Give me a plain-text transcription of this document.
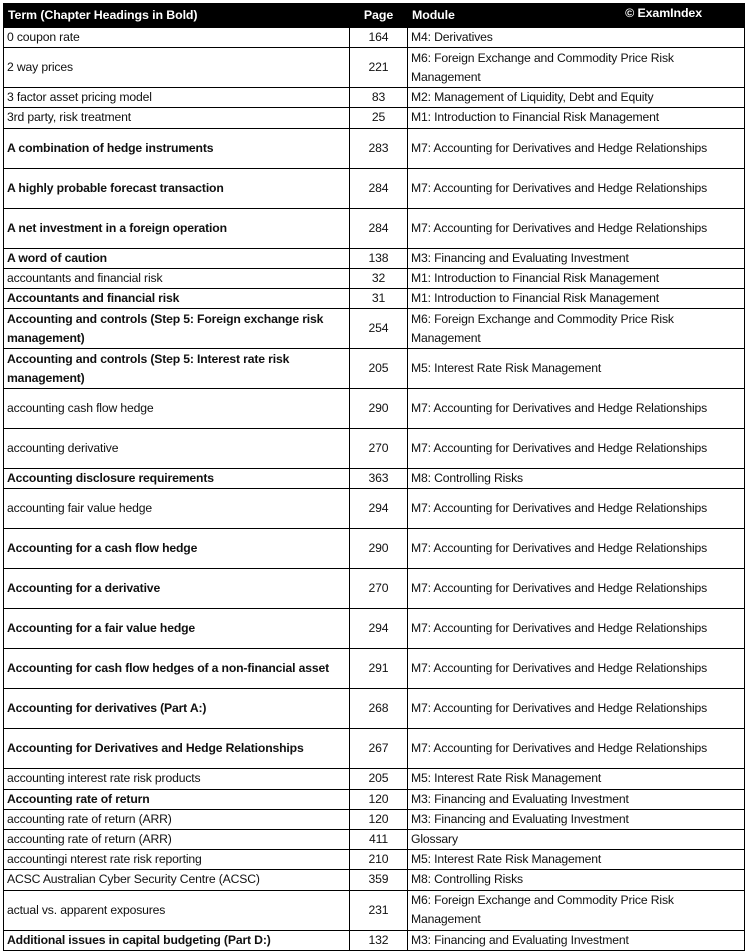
Term (Chapter Headings in Bold)	Page	Module © ExamIndex

0 coupon rate	164	M4: Derivatives
2 way prices	221	M6: Foreign Exchange and Commodity Price Risk Management
3 factor asset pricing model	83	M2: Management of Liquidity, Debt and Equity
3rd party, risk treatment	25	M1: Introduction to Financial Risk Management
A combination of hedge instruments	283	M7: Accounting for Derivatives and Hedge Relationships
A highly probable forecast transaction	284	M7: Accounting for Derivatives and Hedge Relationships
A net investment in a foreign operation	284	M7: Accounting for Derivatives and Hedge Relationships
A word of caution	138	M3: Financing and Evaluating Investment
accountants and financial risk	32	M1: Introduction to Financial Risk Management
Accountants and financial risk	31	M1: Introduction to Financial Risk Management
Accounting and controls (Step 5: Foreign exchange risk management)	254	M6: Foreign Exchange and Commodity Price Risk Management
Accounting and controls (Step 5: Interest rate risk management)	205	M5: Interest Rate Risk Management
accounting cash flow hedge	290	M7: Accounting for Derivatives and Hedge Relationships
accounting derivative	270	M7: Accounting for Derivatives and Hedge Relationships
Accounting disclosure requirements	363	M8: Controlling Risks
accounting fair value hedge	294	M7: Accounting for Derivatives and Hedge Relationships
Accounting for a cash flow hedge	290	M7: Accounting for Derivatives and Hedge Relationships
Accounting for a derivative	270	M7: Accounting for Derivatives and Hedge Relationships
Accounting for a fair value hedge	294	M7: Accounting for Derivatives and Hedge Relationships
Accounting for cash flow hedges of a non-financial asset	291	M7: Accounting for Derivatives and Hedge Relationships
Accounting for derivatives (Part A:)	268	M7: Accounting for Derivatives and Hedge Relationships
Accounting for Derivatives and Hedge Relationships	267	M7: Accounting for Derivatives and Hedge Relationships
accounting interest rate risk products	205	M5: Interest Rate Risk Management
Accounting rate of return	120	M3: Financing and Evaluating Investment
accounting rate of return (ARR)	120	M3: Financing and Evaluating Investment
accounting rate of return (ARR)	411	Glossary
accountingi nterest rate risk reporting	210	M5: Interest Rate Risk Management
ACSC Australian Cyber Security Centre (ACSC)	359	M8: Controlling Risks
actual vs. apparent exposures	231	M6: Foreign Exchange and Commodity Price Risk Management
Additional issues in capital budgeting (Part D:)	132	M3: Financing and Evaluating Investment
